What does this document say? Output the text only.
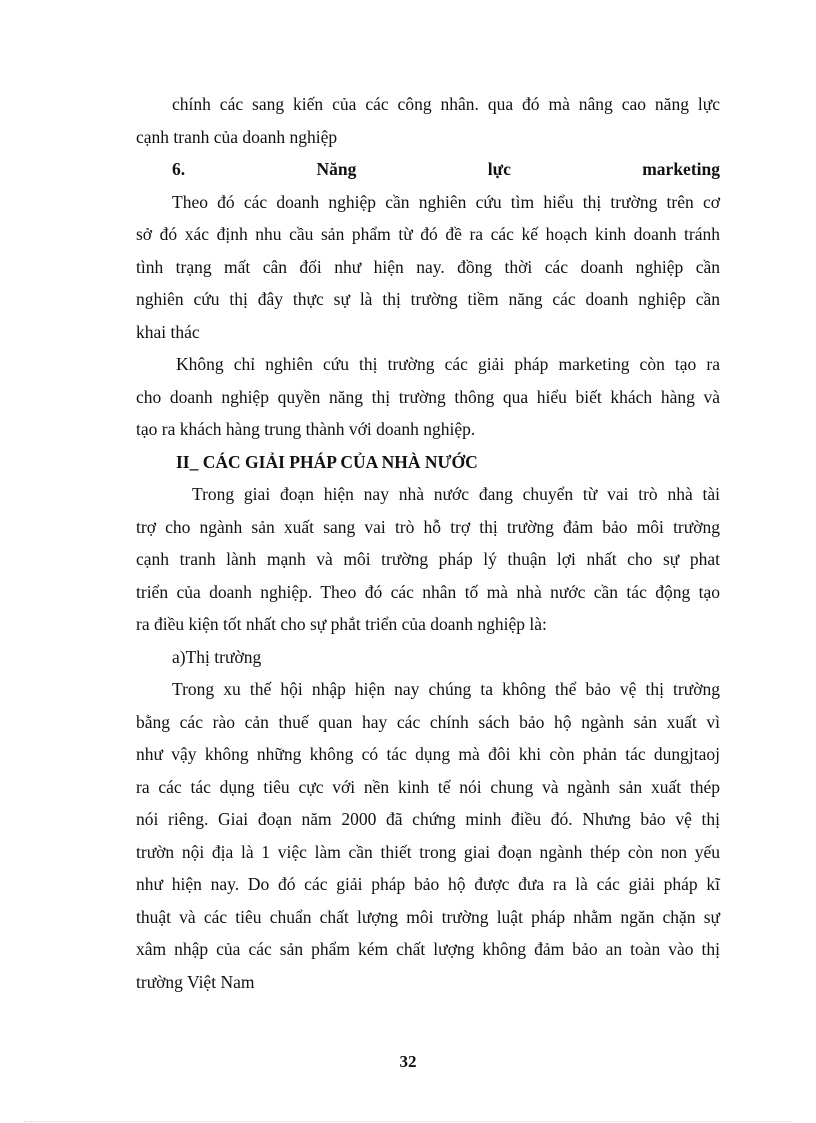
chính các sang kiến của các công nhân. qua đó mà nâng cao năng lực
cạnh tranh của doanh nghiệp
6.	Năng	lực	marketing
Theo đó các doanh nghiệp cần nghiên cứu tìm hiểu thị trường trên cơ
sở đó xác định nhu cầu sản phẩm từ đó đề ra các kế hoạch kinh doanh tránh
tình trạng mất cân đối như hiện nay. đồng thời các doanh nghiệp cần
nghiên cứu thị đây thực sự là thị trường tiềm năng các doanh nghiệp cần
khai thác
Không chỉ nghiên cứu thị trường các giải pháp marketing còn tạo ra
cho doanh nghiệp quyền năng thị trường thông qua hiểu biết khách hàng và
tạo ra khách hàng trung thành với doanh nghiệp.
II_ CÁC GIẢI PHÁP CỦA NHÀ NƯỚC
Trong giai đoạn hiện nay nhà nước đang chuyển từ vai trò nhà tài
trợ cho ngành sản xuất sang vai trò hỗ trợ thị trường đảm bảo môi trường
cạnh tranh lành mạnh và môi trường pháp lý thuận lợi nhất cho sự phat
triển của doanh nghiệp. Theo đó các nhân tố mà nhà nước cần tác động tạo
ra điều kiện tốt nhất cho sự phắt triển của doanh nghiệp là:
a)Thị trường
Trong xu thế hội nhập hiện nay chúng ta không thể bảo vệ thị trường
bằng các rào cản thuế quan hay các chính sách bảo hộ ngành sản xuất vì
như vậy không những không có tác dụng mà đôi khi còn phản tác dungjtaoj
ra các tác dụng tiêu cực với nền kinh tế nói chung và ngành sản xuất thép
nói riêng. Giai đoạn năm 2000 đã chứng minh điều đó. Nhưng bảo vệ thị
trườn nội địa là 1 việc làm cần thiết trong giai đoạn ngành thép còn non yếu
như hiện nay. Do đó các giải pháp bảo hộ được đưa ra là các giải pháp kĩ
thuật và các tiêu chuẩn chất lượng môi trường luật pháp nhằm ngăn chặn sự
xâm nhập của các sản phẩm kém chất lượng không đảm bảo an toàn vào thị
trường Việt Nam
32
